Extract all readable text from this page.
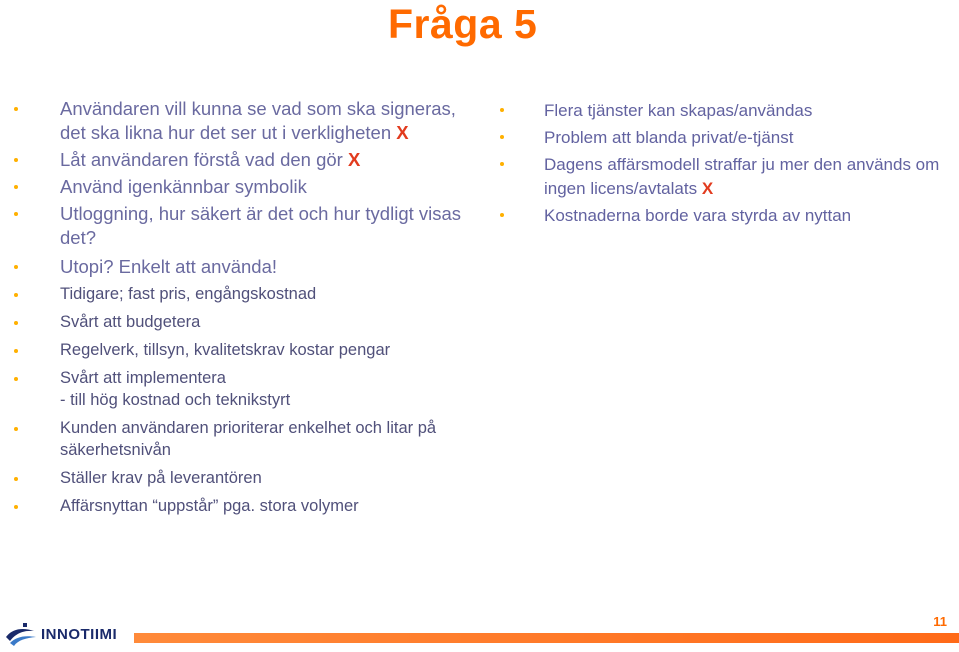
Fråga 5
Användaren vill kunna se vad som ska signeras, det ska likna hur det ser ut i verkligheten X
Låt användaren förstå vad den gör X
Använd igenkännbar symbolik
Utloggning, hur säkert är det och hur tydligt visas det?
Utopi? Enkelt att använda!
Tidigare; fast pris, engångskostnad
Svårt att budgetera
Regelverk, tillsyn, kvalitetskrav kostar pengar
Svårt att implementera
- till hög kostnad och teknikstyrt
Kunden användaren prioriterar enkelhet och litar på säkerhetsnivån
Ställer krav på leverantören
Affärsnyttan “uppstår” pga. stora volymer
Flera tjänster kan skapas/användas
Problem att blanda privat/e-tjänst
Dagens affärsmodell straffar ju mer den används om ingen licens/avtalats X
Kostnaderna borde vara styrda av nyttan
INNOTIIMI
11
